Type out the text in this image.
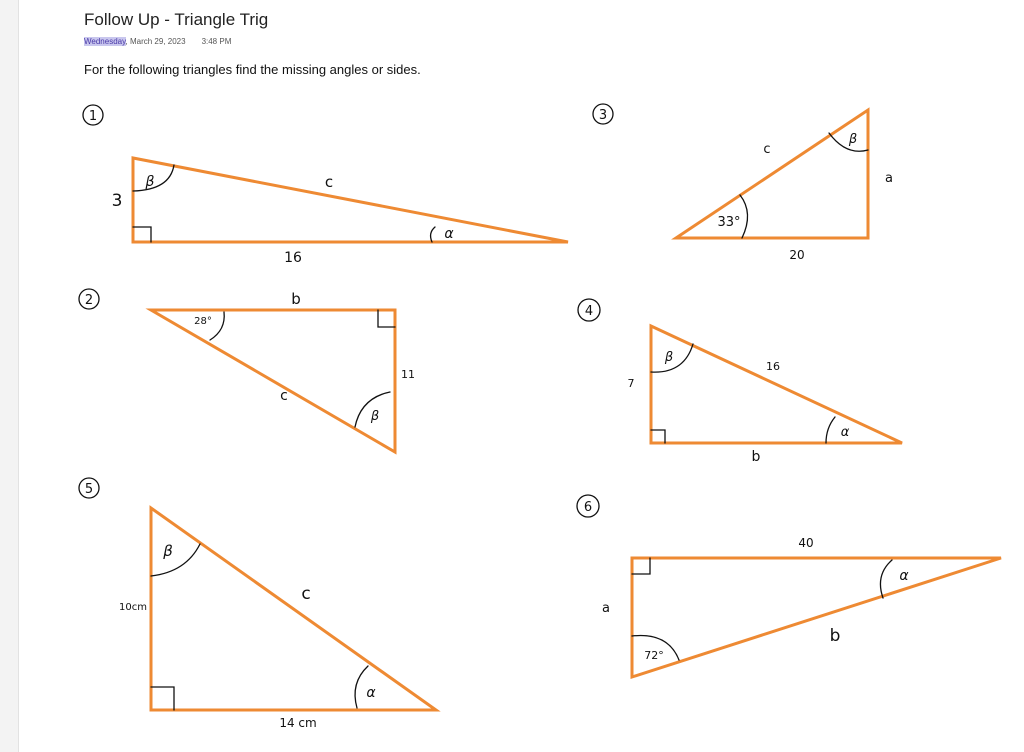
Follow Up - Triangle Trig
Wednesday, March 29, 2023 3:48 PM
For the following triangles find the missing angles or sides.
1
3
16
c
β
α
2	b
11
c
28°
β
3
20
a
c
33°
β
4
7
b
16
β
α
5
10cm
14 cm
c
β
α
6
a
40
b
72°
α
